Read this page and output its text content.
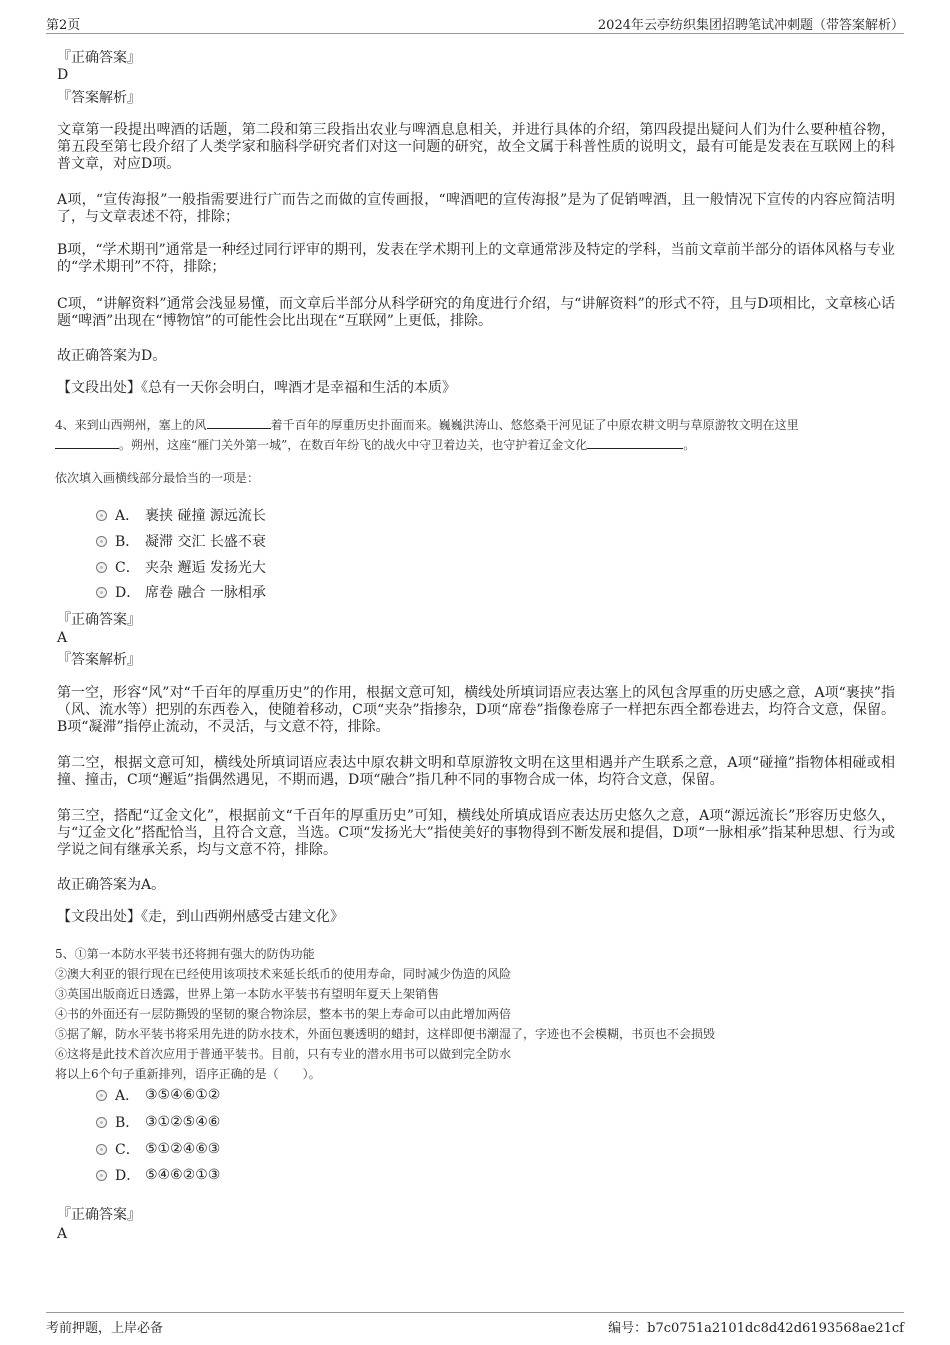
第2页	2024年云亭纺织集团招聘笔试冲刺题（带答案解析）
『正确答案』
D
『答案解析』
文章第一段提出啤酒的话题，第二段和第三段指出农业与啤酒息息相关，并进行具体的介绍，第四段提出疑问人们为什么要种植谷物，第五段至第七段介绍了人类学家和脑科学研究者们对这一问题的研究，故全文属于科普性质的说明文，最有可能是发表在互联网上的科普文章，对应D项。
A项，“宣传海报”一般指需要进行广而告之而做的宣传画报，“啤酒吧的宣传海报”是为了促销啤酒，且一般情况下宣传的内容应简洁明了，与文章表述不符，排除；
B项，“学术期刊”通常是一种经过同行评审的期刊，发表在学术期刊上的文章通常涉及特定的学科，当前文章前半部分的语体风格与专业的“学术期刊”不符，排除；
C项，“讲解资料”通常会浅显易懂，而文章后半部分从科学研究的角度进行介绍，与“讲解资料”的形式不符，且与D项相比，文章核心话题“啤酒”出现在“博物馆”的可能性会比出现在“互联网”上更低，排除。
故正确答案为D。
【文段出处】《总有一天你会明白，啤酒才是幸福和生活的本质》
4、来到山西朔州，塞上的风	着千百年的厚重历史扑面而来。巍巍洪涛山、悠悠桑干河见证了中原农耕文明与草原游牧文明在这里
。朔州，这座“雁门关外第一城”，在数百年纷飞的战火中守卫着边关，也守护着辽金文化	。
依次填入画横线部分最恰当的一项是：
A． 裹挟 碰撞 源远流长
B． 凝滞 交汇 长盛不衰
C． 夹杂 邂逅 发扬光大
D． 席卷 融合 一脉相承
『正确答案』
A
『答案解析』
第一空，形容“风”对“千百年的厚重历史”的作用，根据文意可知，横线处所填词语应表达塞上的风包含厚重的历史感之意，A项“裹挟”指（风、流水等）把别的东西卷入，使随着移动，C项“夹杂”指掺杂，D项“席卷”指像卷席子一样把东西全都卷进去，均符合文意，保留。B项“凝滞”指停止流动，不灵活，与文意不符，排除。
第二空，根据文意可知，横线处所填词语应表达中原农耕文明和草原游牧文明在这里相遇并产生联系之意，A项“碰撞”指物体相碰或相撞、撞击，C项“邂逅”指偶然遇见，不期而遇，D项“融合”指几种不同的事物合成一体，均符合文意，保留。
第三空，搭配“辽金文化”，根据前文“千百年的厚重历史”可知，横线处所填成语应表达历史悠久之意，A项“源远流长”形容历史悠久，与“辽金文化”搭配恰当，且符合文意，当选。C项“发扬光大”指使美好的事物得到不断发展和提倡，D项“一脉相承”指某种思想、行为或学说之间有继承关系，均与文意不符，排除。
故正确答案为A。
【文段出处】《走，到山西朔州感受古建文化》
5、①第一本防水平装书还将拥有强大的防伪功能
②澳大利亚的银行现在已经使用该项技术来延长纸币的使用寿命，同时减少伪造的风险
③英国出版商近日透露，世界上第一本防水平装书有望明年夏天上架销售
④书的外面还有一层防撕毁的坚韧的聚合物涂层，整本书的架上寿命可以由此增加两倍
⑤据了解，防水平装书将采用先进的防水技术，外面包裹透明的蜡封，这样即便书潮湿了，字迹也不会模糊，书页也不会损毁
⑥这将是此技术首次应用于普通平装书。目前，只有专业的潜水用书可以做到完全防水
将以上6个句子重新排列，语序正确的是（　　）。
A． ③⑤④⑥①②
B． ③①②⑤④⑥
C． ⑤①②④⑥③
D． ⑤④⑥②①③
『正确答案』
A
考前押题，上岸必备	编号：b7c0751a2101dc8d42d6193568ae21cf
